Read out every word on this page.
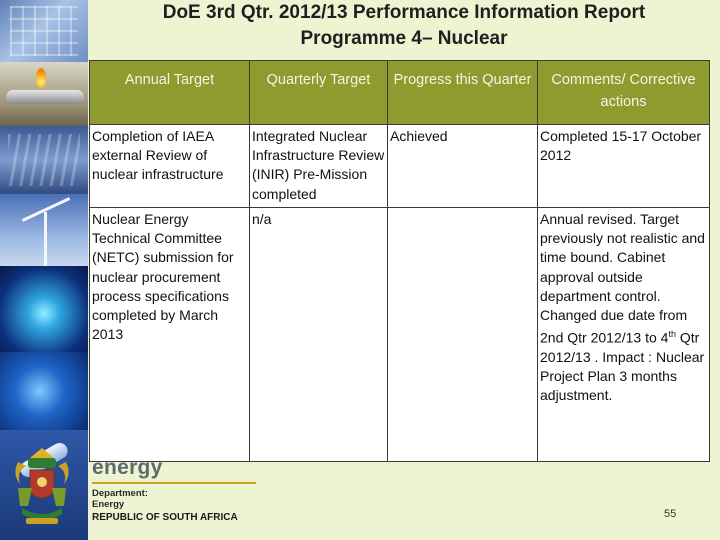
DoE 3rd Qtr. 2012/13 Performance Information Report
Programme 4– Nuclear
Annual Target	Quarterly Target	Progress this Quarter	Comments/ Corrective actions
Completion of IAEA external Review of nuclear infrastructure	Integrated Nuclear Infrastructure Review (INIR) Pre-Mission completed	Achieved	Completed 15-17 October 2012
Nuclear Energy Technical Committee (NETC) submission for nuclear procurement process specifications completed by March 2013	n/a		Annual revised. Target previously not realistic and time bound. Cabinet approval outside department control. Changed due date from 2nd Qtr 2012/13 to 4th Qtr 2012/13 . Impact : Nuclear Project Plan 3 months adjustment.
energy
Department:
Energy
REPUBLIC OF SOUTH AFRICA	55
